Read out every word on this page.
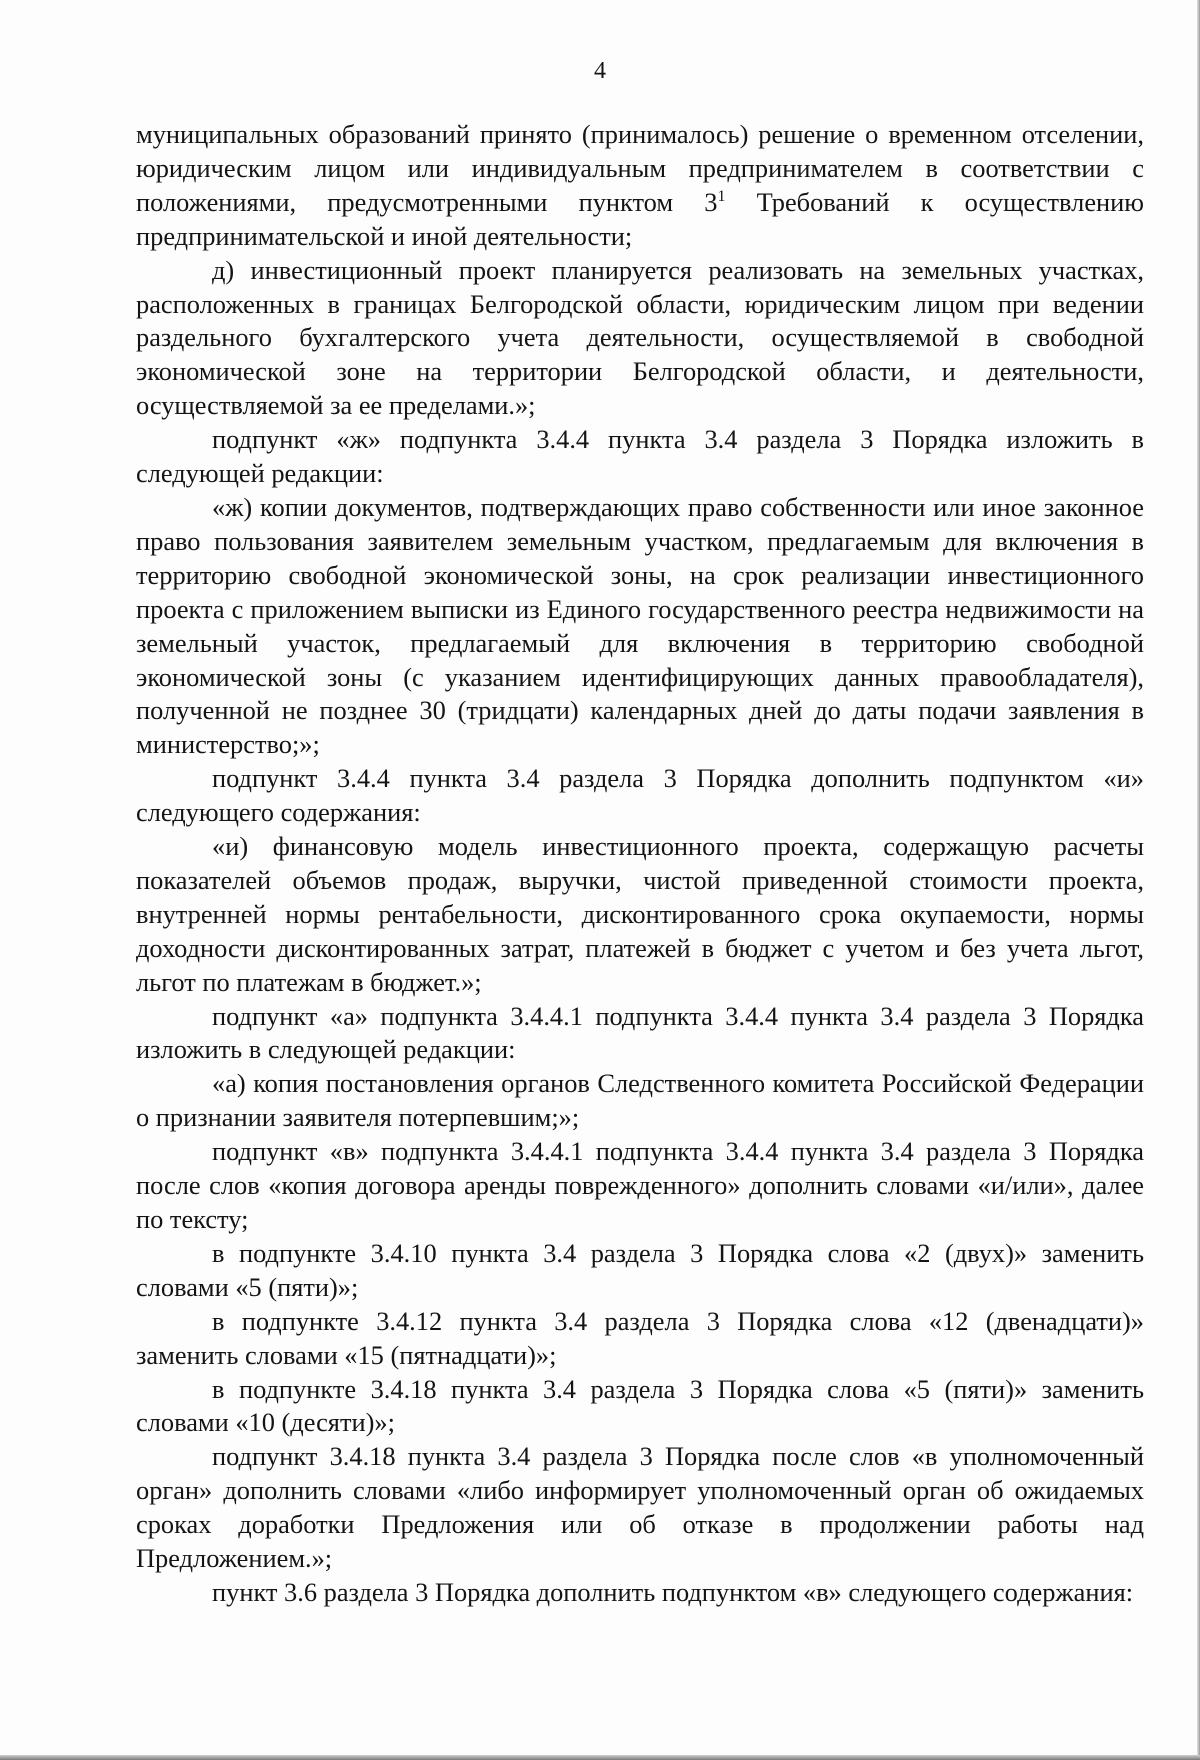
4

муниципальных образований принято (принималось) решение о временном отселении, юридическим лицом или индивидуальным предпринимателем в соответствии с положениями, предусмотренными пунктом $3^1$ Требований к осуществлению предпринимательской и иной деятельности;

д) инвестиционный проект планируется реализовать на земельных участках, расположенных в границах Белгородской области, юридическим лицом при ведении раздельного бухгалтерского учета деятельности, осуществляемой в свободной экономической зоне на территории Белгородской области, и деятельности, осуществляемой за ее пределами.»;

подпункт «ж» подпункта 3.4.4 пункта 3.4 раздела 3 Порядка изложить в следующей редакции:

«ж) копии документов, подтверждающих право собственности или иное законное право пользования заявителем земельным участком, предлагаемым для включения в территорию свободной экономической зоны, на срок реализации инвестиционного проекта с приложением выписки из Единого государственного реестра недвижимости на земельный участок, предлагаемый для включения в территорию свободной экономической зоны (с указанием идентифицирующих данных правообладателя), полученной не позднее 30 (тридцати) календарных дней до даты подачи заявления в министерство;»;

подпункт 3.4.4 пункта 3.4 раздела 3 Порядка дополнить подпунктом «и» следующего содержания:

«и) финансовую модель инвестиционного проекта, содержащую расчеты показателей объемов продаж, выручки, чистой приведенной стоимости проекта, внутренней нормы рентабельности, дисконтированного срока окупаемости, нормы доходности дисконтированных затрат, платежей в бюджет с учетом и без учета льгот, льгот по платежам в бюджет.»;

подпункт «а» подпункта 3.4.4.1 подпункта 3.4.4 пункта 3.4 раздела 3 Порядка изложить в следующей редакции:

«а) копия постановления органов Следственного комитета Российской Федерации о признании заявителя потерпевшим;»;

подпункт «в» подпункта 3.4.4.1 подпункта 3.4.4 пункта 3.4 раздела 3 Порядка после слов «копия договора аренды поврежденного» дополнить словами «и/или», далее по тексту;

в подпункте 3.4.10 пункта 3.4 раздела 3 Порядка слова «2 (двух)» заменить словами «5 (пяти)»;

в подпункте 3.4.12 пункта 3.4 раздела 3 Порядка слова «12 (двенадцати)» заменить словами «15 (пятнадцати)»;

в подпункте 3.4.18 пункта 3.4 раздела 3 Порядка слова «5 (пяти)» заменить словами «10 (десяти)»;

подпункт 3.4.18 пункта 3.4 раздела 3 Порядка после слов «в уполномоченный орган» дополнить словами «либо информирует уполномоченный орган об ожидаемых сроках доработки Предложения или об отказе в продолжении работы над Предложением.»;

пункт 3.6 раздела 3 Порядка дополнить подпунктом «в» следующего содержания:
